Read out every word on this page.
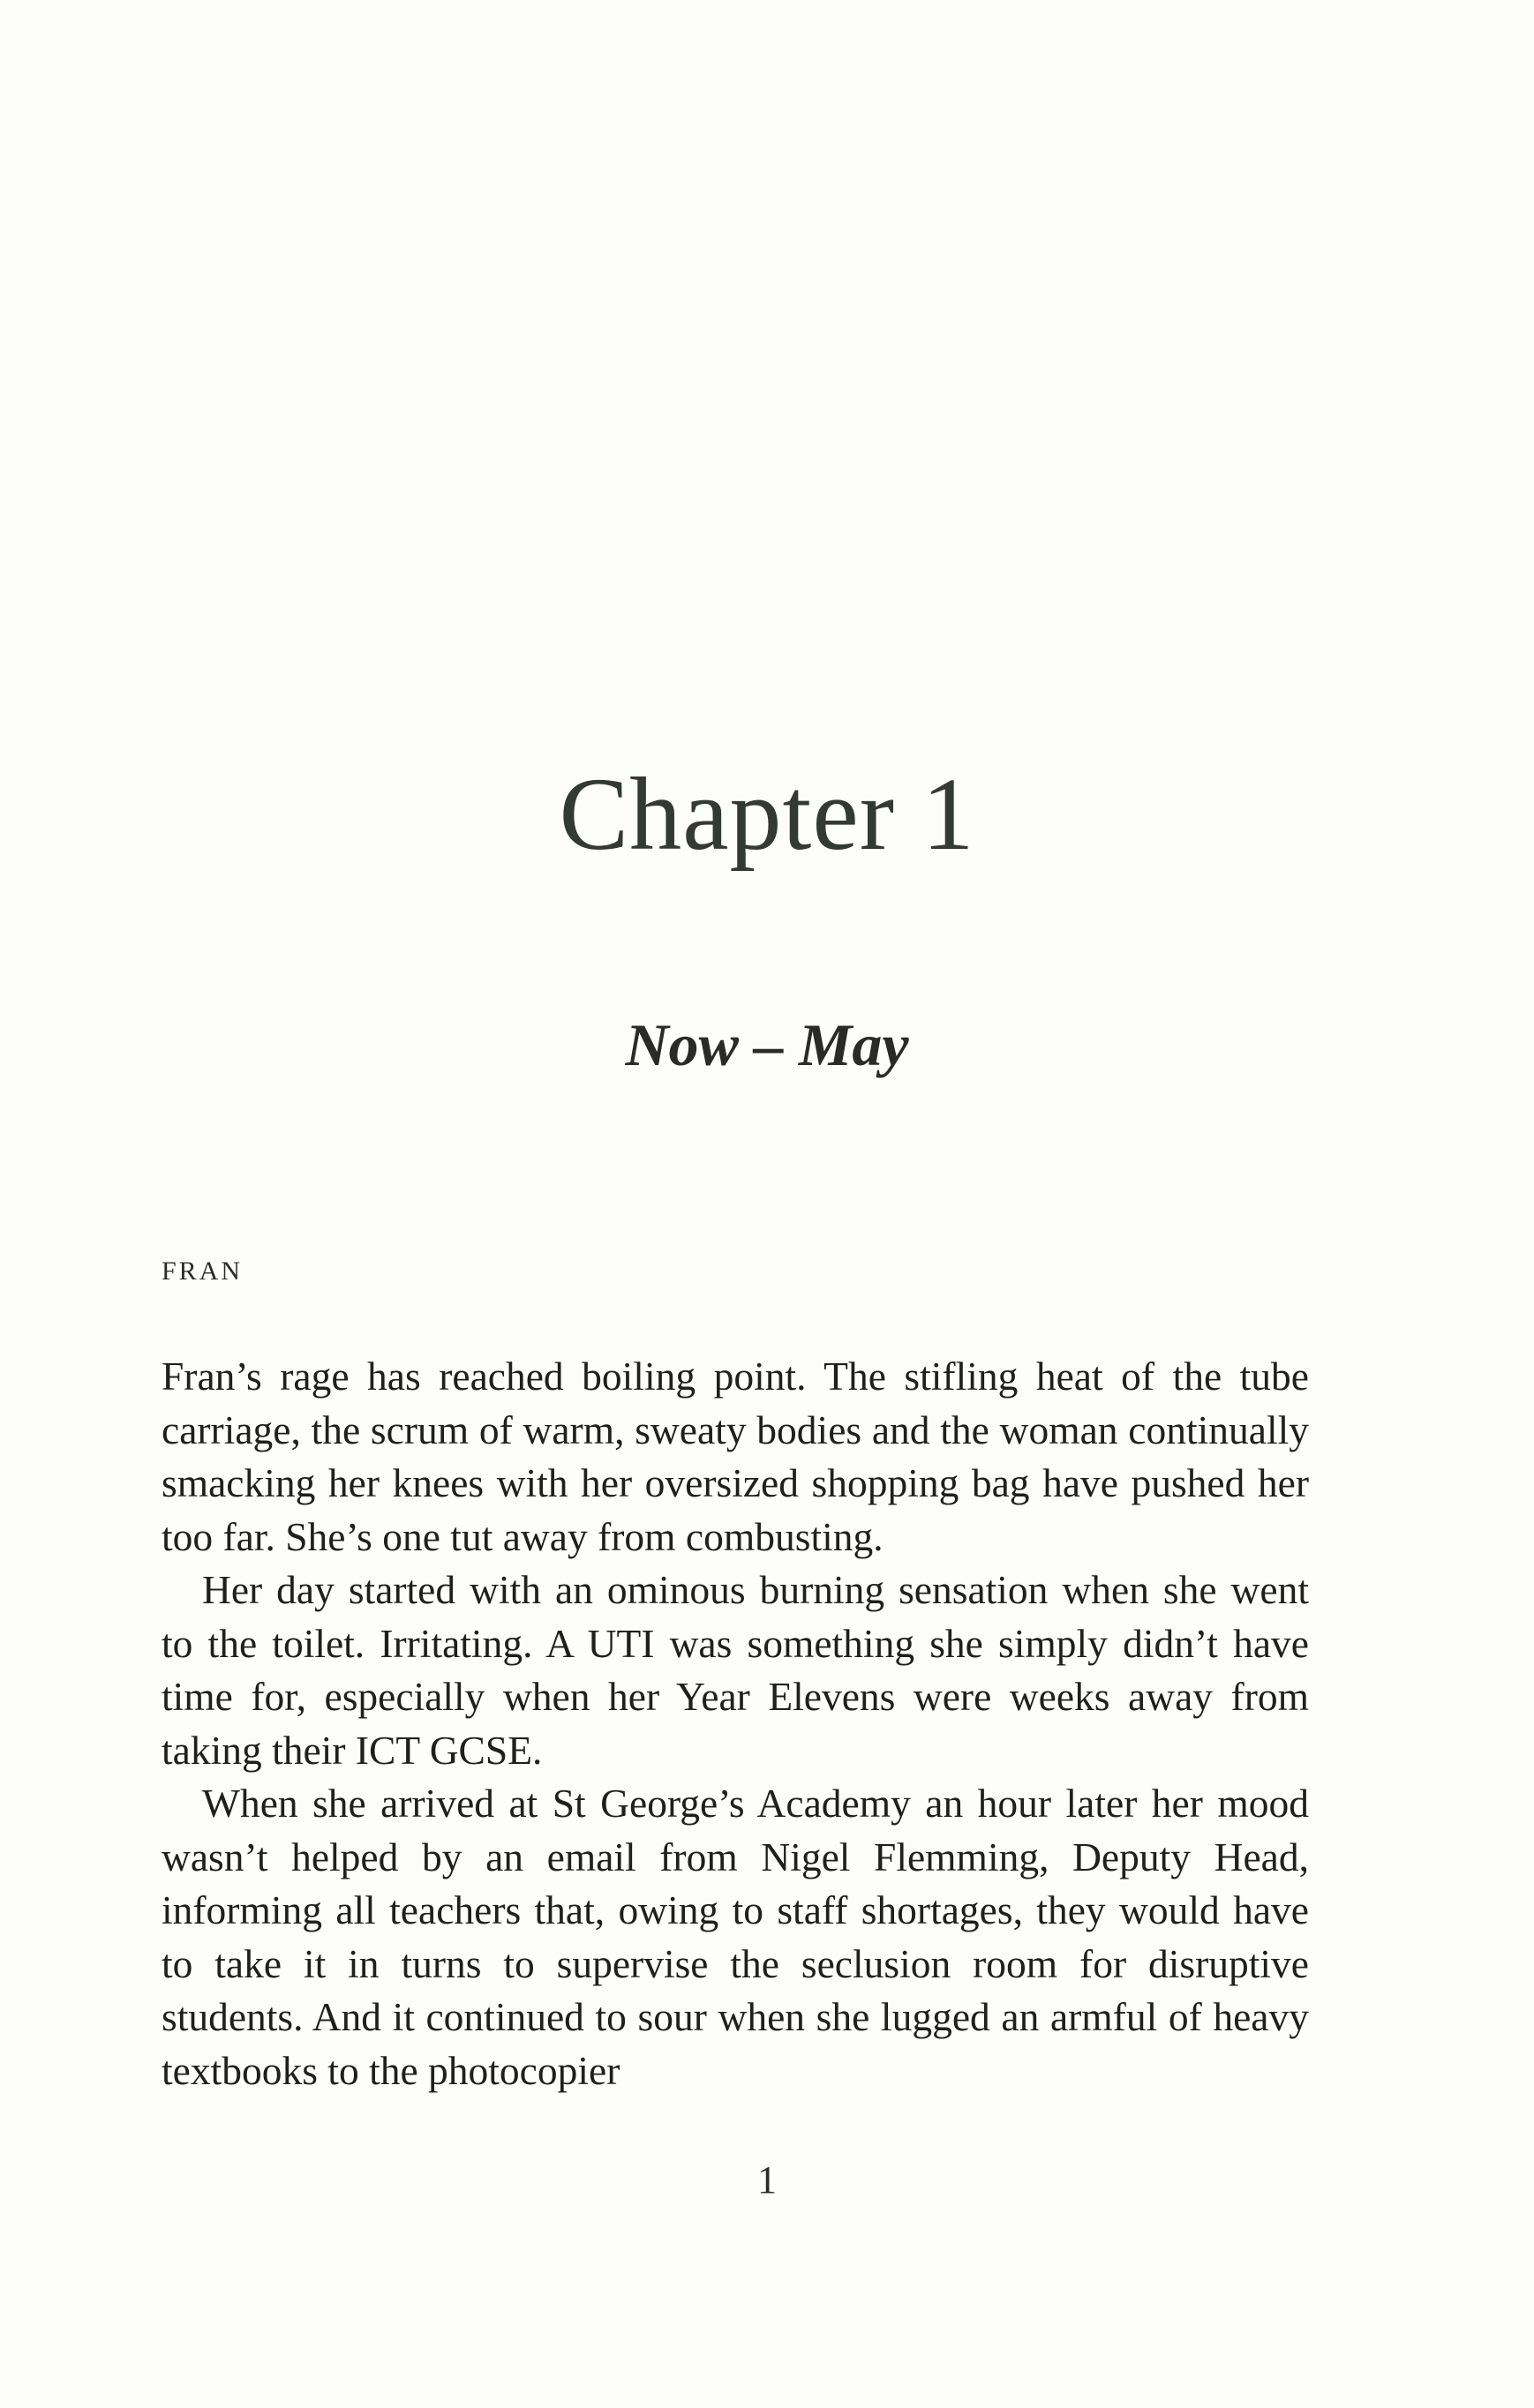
Chapter 1
Now – May
FRAN

Fran’s rage has reached boiling point. The stifling heat of the tube carriage, the scrum of warm, sweaty bodies and the woman continually smacking her knees with her oversized shopping bag have pushed her too far. She’s one tut away from combusting.

Her day started with an ominous burning sensation when she went to the toilet. Irritating. A UTI was something she simply didn’t have time for, especially when her Year Elevens were weeks away from taking their ICT GCSE.

When she arrived at St George’s Academy an hour later her mood wasn’t helped by an email from Nigel Flemming, Deputy Head, informing all teachers that, owing to staff shortages, they would have to take it in turns to supervise the seclusion room for disruptive students. And it continued to sour when she lugged an armful of heavy textbooks to the photocopier

1
